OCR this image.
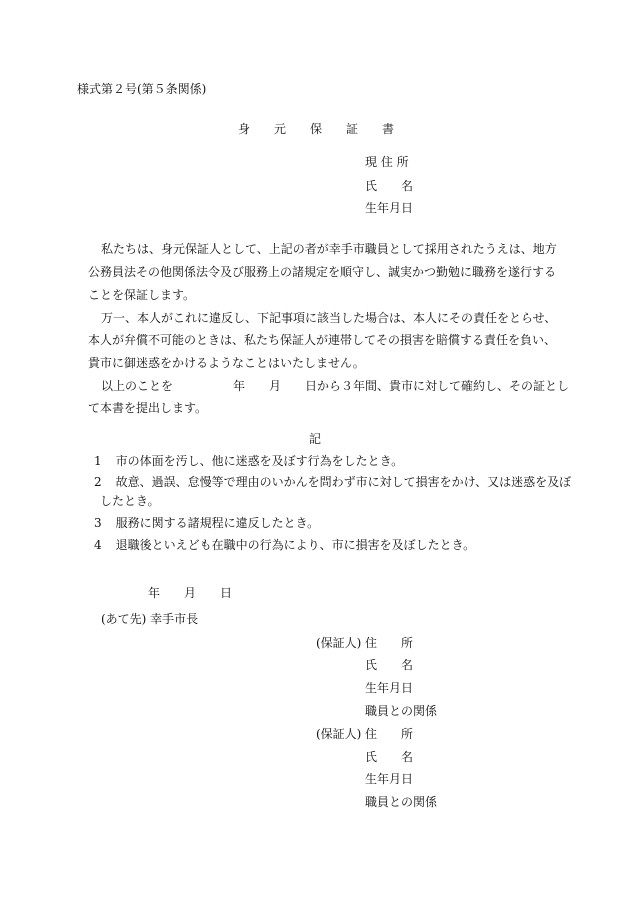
様式第２号(第５条関係)
身　　元　　保　　証　　書
現 住 所
氏　　名
生年月日
私たちは、身元保証人として、上記の者が幸手市職員として採用されたうえは、地方
公務員法その他関係法令及び服務上の諸規定を順守し、誠実かつ勤勉に職務を遂行する
ことを保証します。
万一、本人がこれに違反し、下記事項に該当した場合は、本人にその責任をとらせ、
本人が弁償不可能のときは、私たち保証人が連帯してその損害を賠償する責任を負い、
貴市に御迷惑をかけるようなことはいたしません。
以上のことを　　　　　年　　月　　日から３年間、貴市に対して確約し、その証とし
て本書を提出します。
記
1 市の体面を汚し、他に迷惑を及ぼす行為をしたとき。
2 故意、過誤、怠慢等で理由のいかんを問わず市に対して損害をかけ、又は迷惑を及ぼ
したとき。
3 服務に関する諸規程に違反したとき。
4 退職後といえども在職中の行為により、市に損害を及ぼしたとき。
年　　月　　日
(あて先) 幸手市長
(保証人) 住　　所
氏　　名
生年月日
職員との関係
(保証人) 住　　所
氏　　名
生年月日
職員との関係
